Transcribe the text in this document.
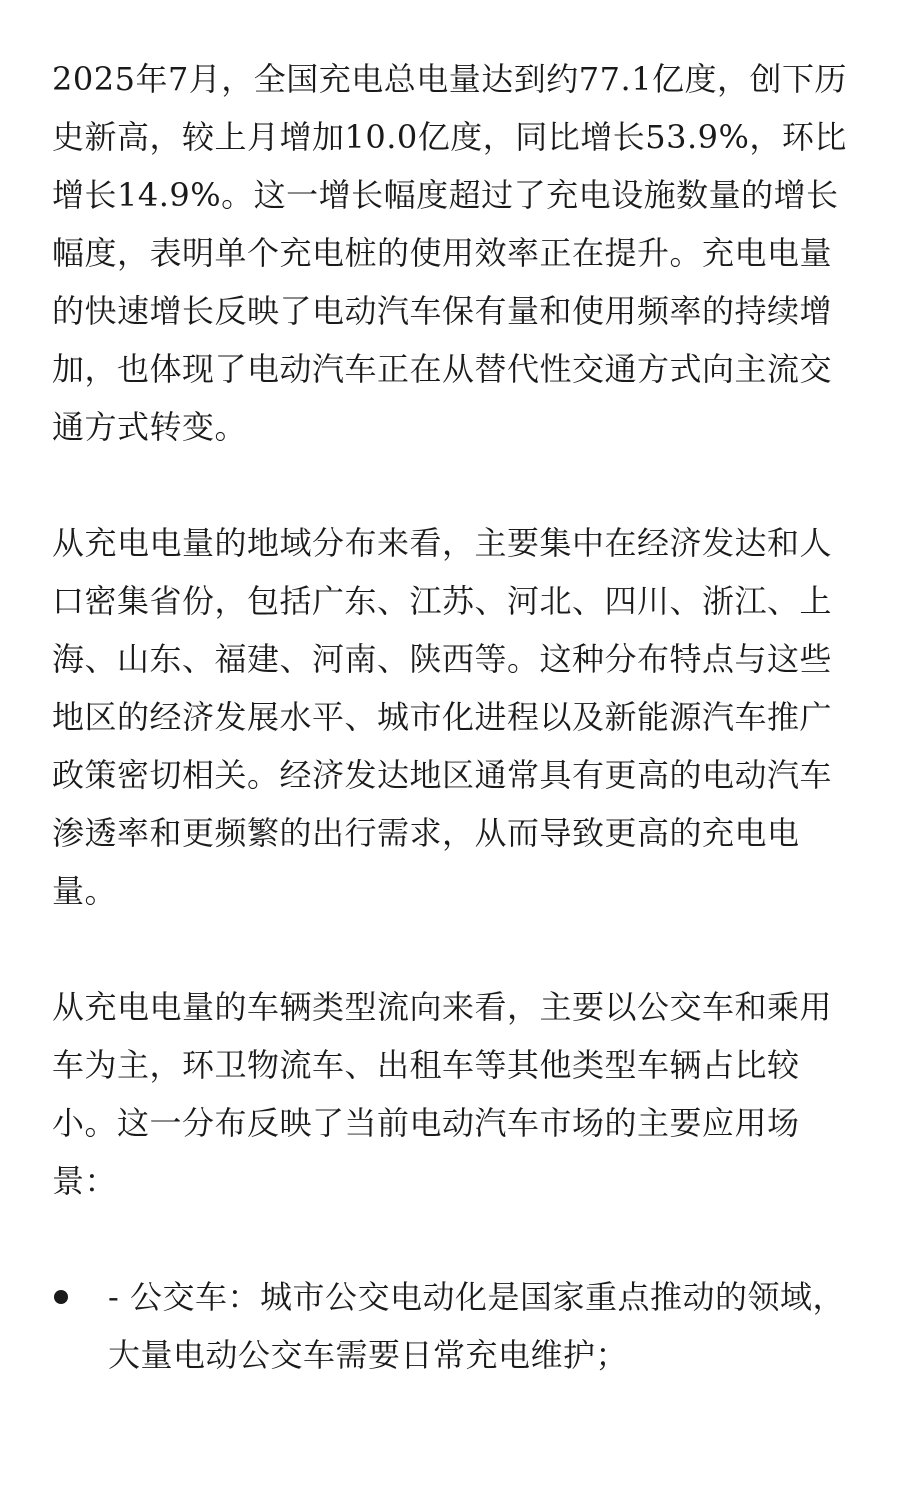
2025年7月，全国充电总电量达到约77.1亿度，创下历史新高，较上月增加10.0亿度，同比增长53.9%，环比增长14.9%。这一增长幅度超过了充电设施数量的增长幅度，表明单个充电桩的使用效率正在提升。充电电量的快速增长反映了电动汽车保有量和使用频率的持续增加，也体现了电动汽车正在从替代性交通方式向主流交通方式转变。

从充电电量的地域分布来看，主要集中在经济发达和人口密集省份，包括广东、江苏、河北、四川、浙江、上海、山东、福建、河南、陕西等。这种分布特点与这些地区的经济发展水平、城市化进程以及新能源汽车推广政策密切相关。经济发达地区通常具有更高的电动汽车渗透率和更频繁的出行需求，从而导致更高的充电电量。

从充电电量的车辆类型流向来看，主要以公交车和乘用车为主，环卫物流车、出租车等其他类型车辆占比较小。这一分布反映了当前电动汽车市场的主要应用场景：

- 公交车：城市公交电动化是国家重点推动的领域，大量电动公交车需要日常充电维护；
